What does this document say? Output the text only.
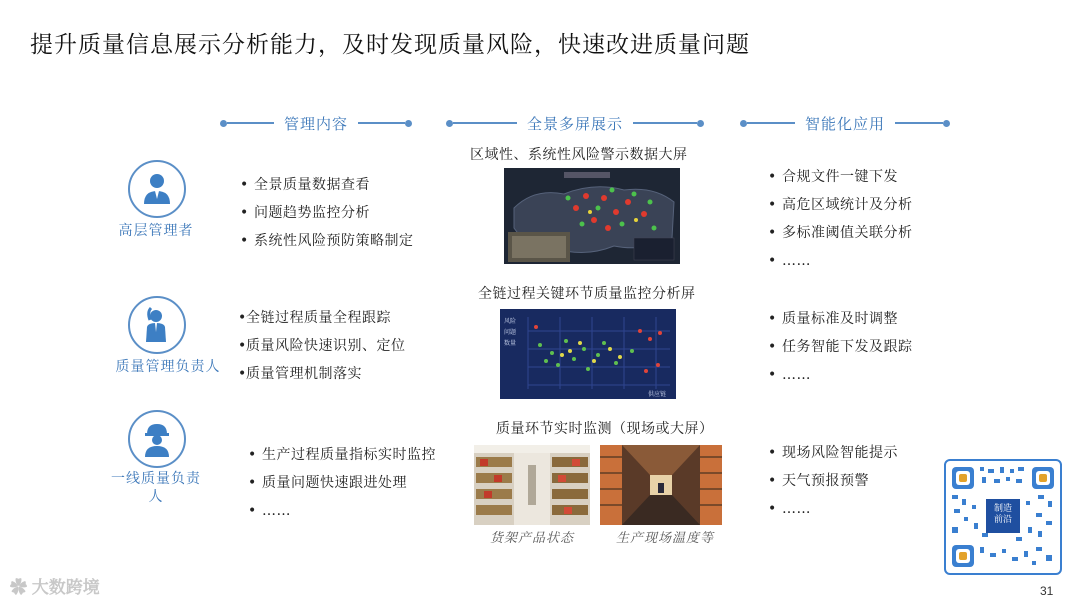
提升质量信息展示分析能力，及时发现质量风险，快速改进质量问题
管理内容	全景多屏展示	智能化应用
高层管理者
• 全景质量数据查看
• 问题趋势监控分析
• 系统性风险预防策略制定
质量管理负责人
•全链过程质量全程跟踪
•质量风险快速识别、定位
•质量管理机制落实
一线质量负责
人
• 生产过程质量指标实时监控
• 质量问题快速跟进处理
• ……
区域性、系统性风险警示数据大屏
全链过程关键环节质量监控分析屏
风险
问题
数量
供应链
质量环节实时监测（现场或大屏）
货架产品状态	生产现场温度等
• 合规文件一键下发
• 高危区域统计及分析
• 多标准阈值关联分析
• ……
• 质量标准及时调整
• 任务智能下发及跟踪
• ……
• 现场风险智能提示
• 天气预报预警
• ……	制造
前沿
✿ 大数跨境	31
